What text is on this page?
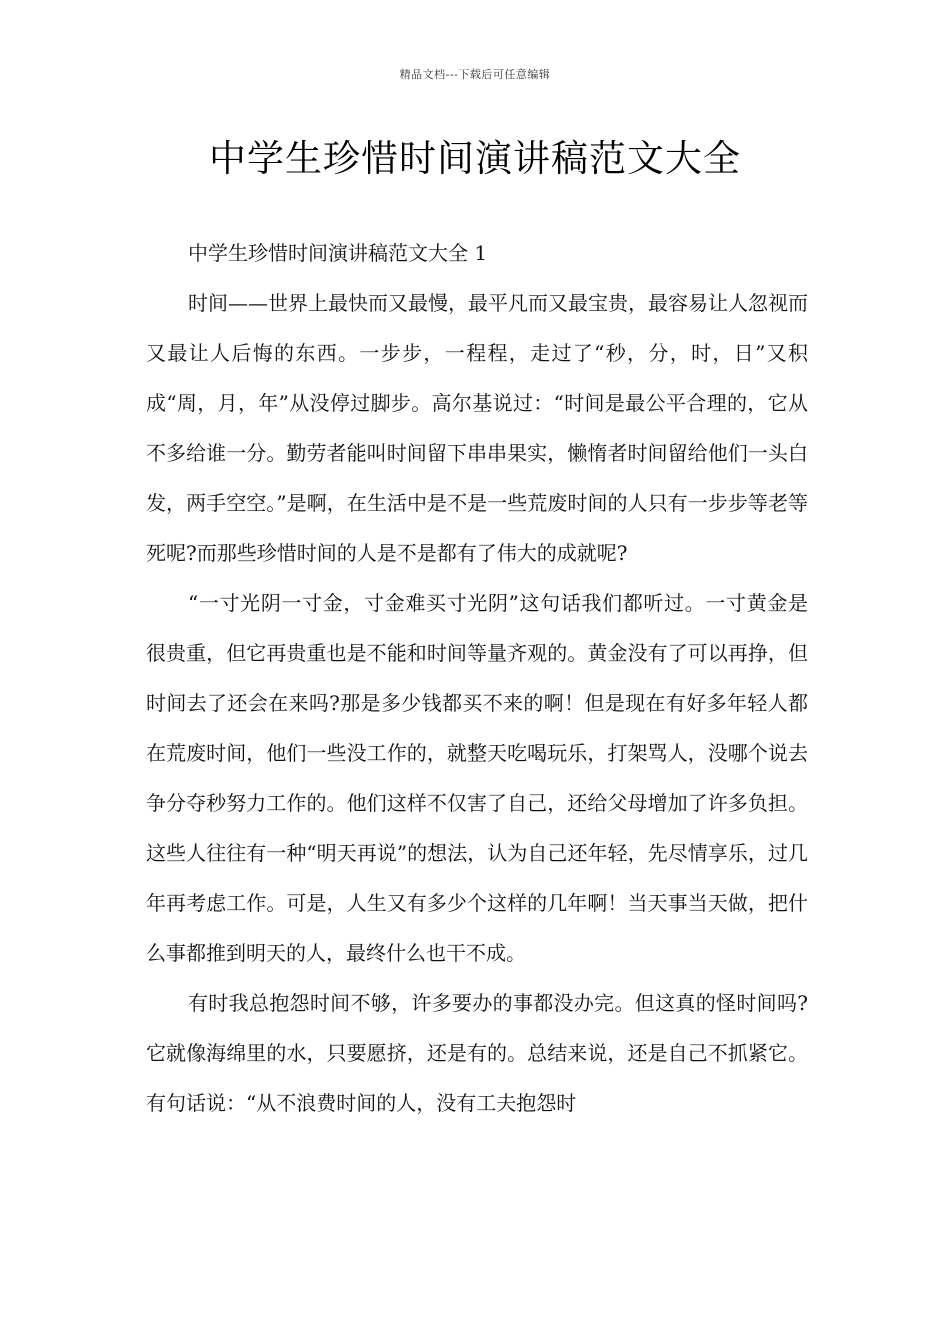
精品文档---下载后可任意编辑
中学生珍惜时间演讲稿范文大全

中学生珍惜时间演讲稿范文大全 1

时间——世界上最快而又最慢，最平凡而又最宝贵，最容易让人忽视而又最让人后悔的东西。一步步，一程程，走过了“秒，分，时，日”又积成“周，月，年”从没停过脚步。高尔基说过：“时间是最公平合理的，它从不多给谁一分。勤劳者能叫时间留下串串果实，懒惰者时间留给他们一头白发，两手空空。”是啊，在生活中是不是一些荒废时间的人只有一步步等老等死呢?而那些珍惜时间的人是不是都有了伟大的成就呢?

“一寸光阴一寸金，寸金难买寸光阴”这句话我们都听过。一寸黄金是很贵重，但它再贵重也是不能和时间等量齐观的。黄金没有了可以再挣，但时间去了还会在来吗?那是多少钱都买不来的啊！但是现在有好多年轻人都在荒废时间，他们一些没工作的，就整天吃喝玩乐，打架骂人，没哪个说去争分夺秒努力工作的。他们这样不仅害了自己，还给父母增加了许多负担。这些人往往有一种“明天再说”的想法，认为自己还年轻，先尽情享乐，过几年再考虑工作。可是，人生又有多少个这样的几年啊！当天事当天做，把什么事都推到明天的人，最终什么也干不成。

有时我总抱怨时间不够，许多要办的事都没办完。但这真的怪时间吗?它就像海绵里的水，只要愿挤，还是有的。总结来说，还是自己不抓紧它。有句话说：“从不浪费时间的人，没有工夫抱怨时
